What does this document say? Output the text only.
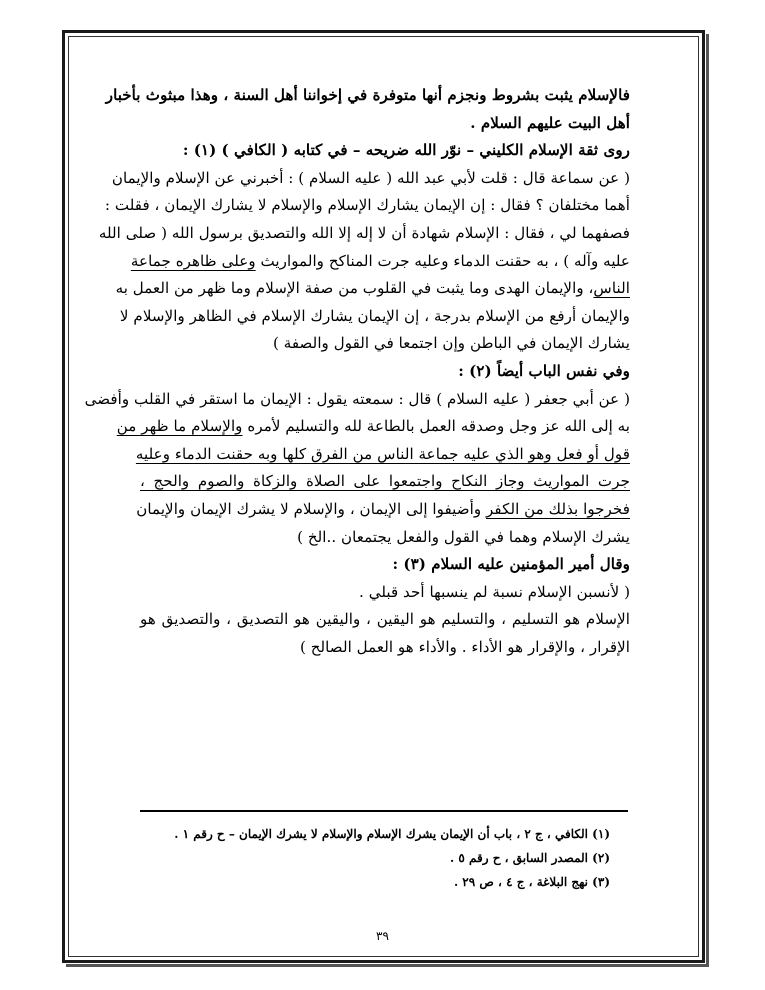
فالإسلام يثبت بشروط ونجزم أنها متوفرة في إخواننا أهل السنة ، وهذا مبثوث بأخبار
أهل البيت عليهم السلام .
روى ثقة الإسلام الكليني – نوّر الله ضريحه – في كتابه ( الكافي ) (١) :
( عن سماعة قال : قلت لأبي عبد الله ( عليه السلام ) : أخبرني عن الإسلام والإيمان
أهما مختلفان ؟ فقال : إن الإيمان يشارك الإسلام والإسلام لا يشارك الإيمان ، فقلت :
فصفهما لي ، فقال : الإسلام شهادة أن لا إله إلا الله والتصديق برسول الله ( صلى الله
عليه وآله ) ، به حقنت الدماء وعليه جرت المناكح والمواريث وعلى ظاهره جماعة
الناس، والإيمان الهدى وما يثبت في القلوب من صفة الإسلام وما ظهر من العمل به
والإيمان أرفع من الإسلام بدرجة ، إن الإيمان يشارك الإسلام في الظاهر والإسلام لا
يشارك الإيمان في الباطن وإن اجتمعا في القول والصفة )
وفي نفس الباب أيضاً (٢) :
( عن أبي جعفر ( عليه السلام ) قال : سمعته يقول : الإيمان ما استقر في القلب وأفضى
به إلى الله عز وجل وصدقه العمل بالطاعة لله والتسليم لأمره والإسلام ما ظهر من
قول أو فعل وهو الذي عليه جماعة الناس من الفرق كلها وبه حقنت الدماء وعليه
جرت المواريث وجاز النكاح واجتمعوا على الصلاة والزكاة والصوم والحج ،
فخرجوا بذلك من الكفر وأضيفوا إلى الإيمان ، والإسلام لا يشرك الإيمان والإيمان
يشرك الإسلام وهما في القول والفعل يجتمعان ..الخ )
وقال أمير المؤمنين عليه السلام (٣) :
( لأنسبن الإسلام نسبة لم ينسبها أحد قبلي .
الإسلام هو التسليم ، والتسليم هو اليقين ، واليقين هو التصديق ، والتصديق هو
الإقرار ، والإقرار هو الأداء . والأداء هو العمل الصالح )
(١) الكافي ، ج ٢ ، باب أن الإيمان يشرك الإسلام والإسلام لا يشرك الإيمان – ح رقم ١ .
(٢) المصدر السابق ، ح رقم ٥ .
(٣) نهج البلاغة ، ج ٤ ، ص ٢٩ .
٣٩
